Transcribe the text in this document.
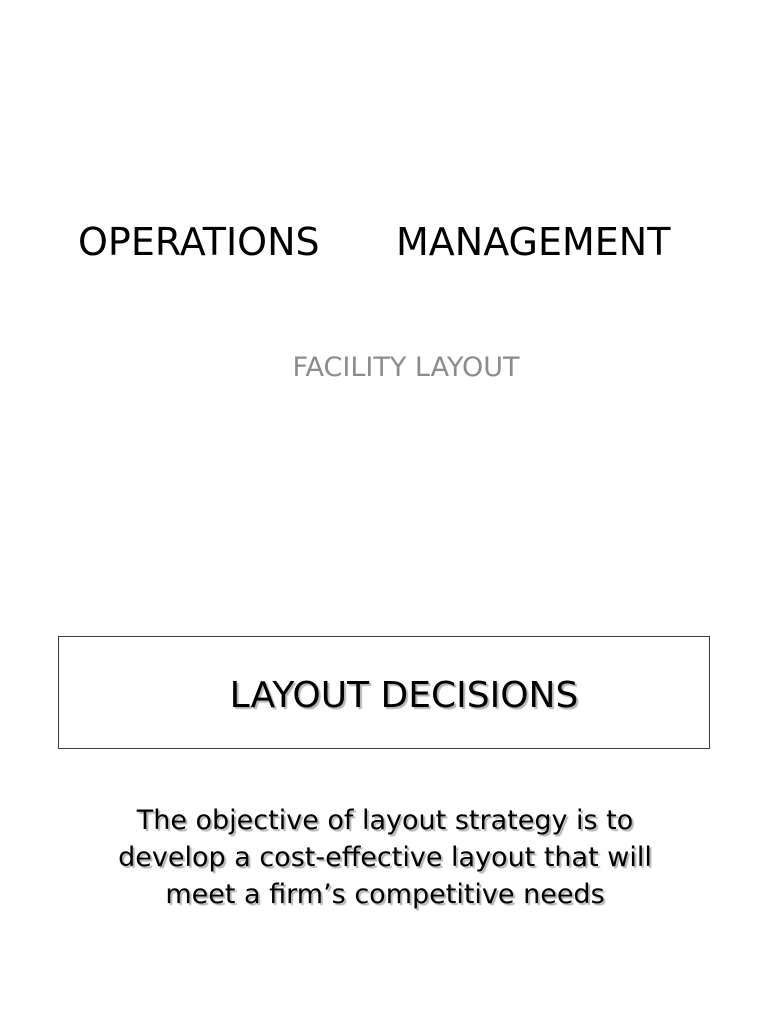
OPERATIONS MANAGEMENT
FACILITY LAYOUT
LAYOUT DECISIONS
The objective of layout strategy is to develop a cost-effective layout that will meet a firm’s competitive needs
